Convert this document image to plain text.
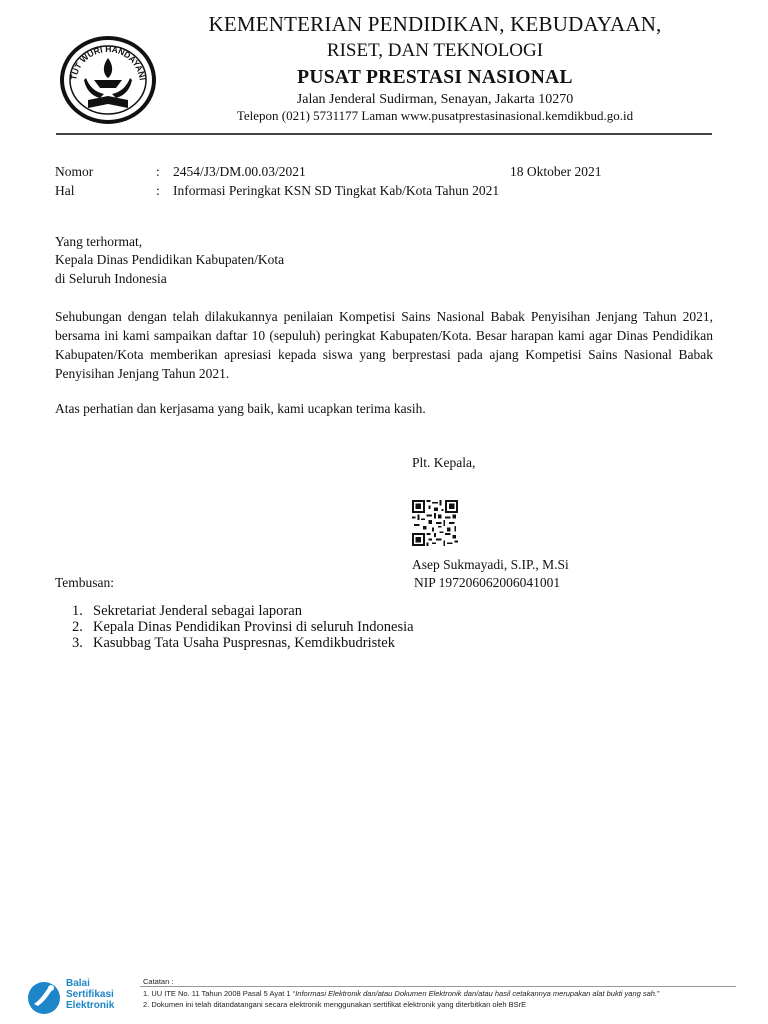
TUT WURI HANDAYANI
KEMENTERIAN PENDIDIKAN, KEBUDAYAAN,
RISET, DAN TEKNOLOGI
PUSAT PRESTASI NASIONAL
Jalan Jenderal Sudirman, Senayan, Jakarta 10270
Telepon (021) 5731177 Laman www.pusatprestasinasional.kemdikbud.go.id
Nomor	: 2454/J3/DM.00.03/2021	18 Oktober 2021
Hal	: Informasi Peringkat KSN SD Tingkat Kab/Kota Tahun 2021
Yang terhormat,
Kepala Dinas Pendidikan Kabupaten/Kota
di Seluruh Indonesia
Sehubungan dengan telah dilakukannya penilaian Kompetisi Sains Nasional Babak Penyisihan Jenjang Tahun 2021, bersama ini kami sampaikan daftar 10 (sepuluh) peringkat Kabupaten/Kota. Besar harapan kami agar Dinas Pendidikan Kabupaten/Kota memberikan apresiasi kepada siswa yang berprestasi pada ajang Kompetisi Sains Nasional Babak Penyisihan Jenjang Tahun 2021.
Atas perhatian dan kerjasama yang baik, kami ucapkan terima kasih.
Plt. Kepala,
Asep Sukmayadi, S.IP., M.Si
NIP 197206062006041001
Tembusan:
1. Sekretariat Jenderal sebagai laporan
2. Kepala Dinas Pendidikan Provinsi di seluruh Indonesia
3. Kasubbag Tata Usaha Puspresnas, Kemdikbudristek
Balai
Sertifikasi
Elektronik
Catatan :
1. UU ITE No. 11 Tahun 2008 Pasal 5 Ayat 1 “Informasi Elektronik dan/atau Dokumen Elektronik dan/atau hasil cetakannya merupakan alat bukti yang sah.”
2. Dokumen ini telah ditandatangani secara elektronik menggunakan sertifikat elektronik yang diterbitkan oleh BSrE
